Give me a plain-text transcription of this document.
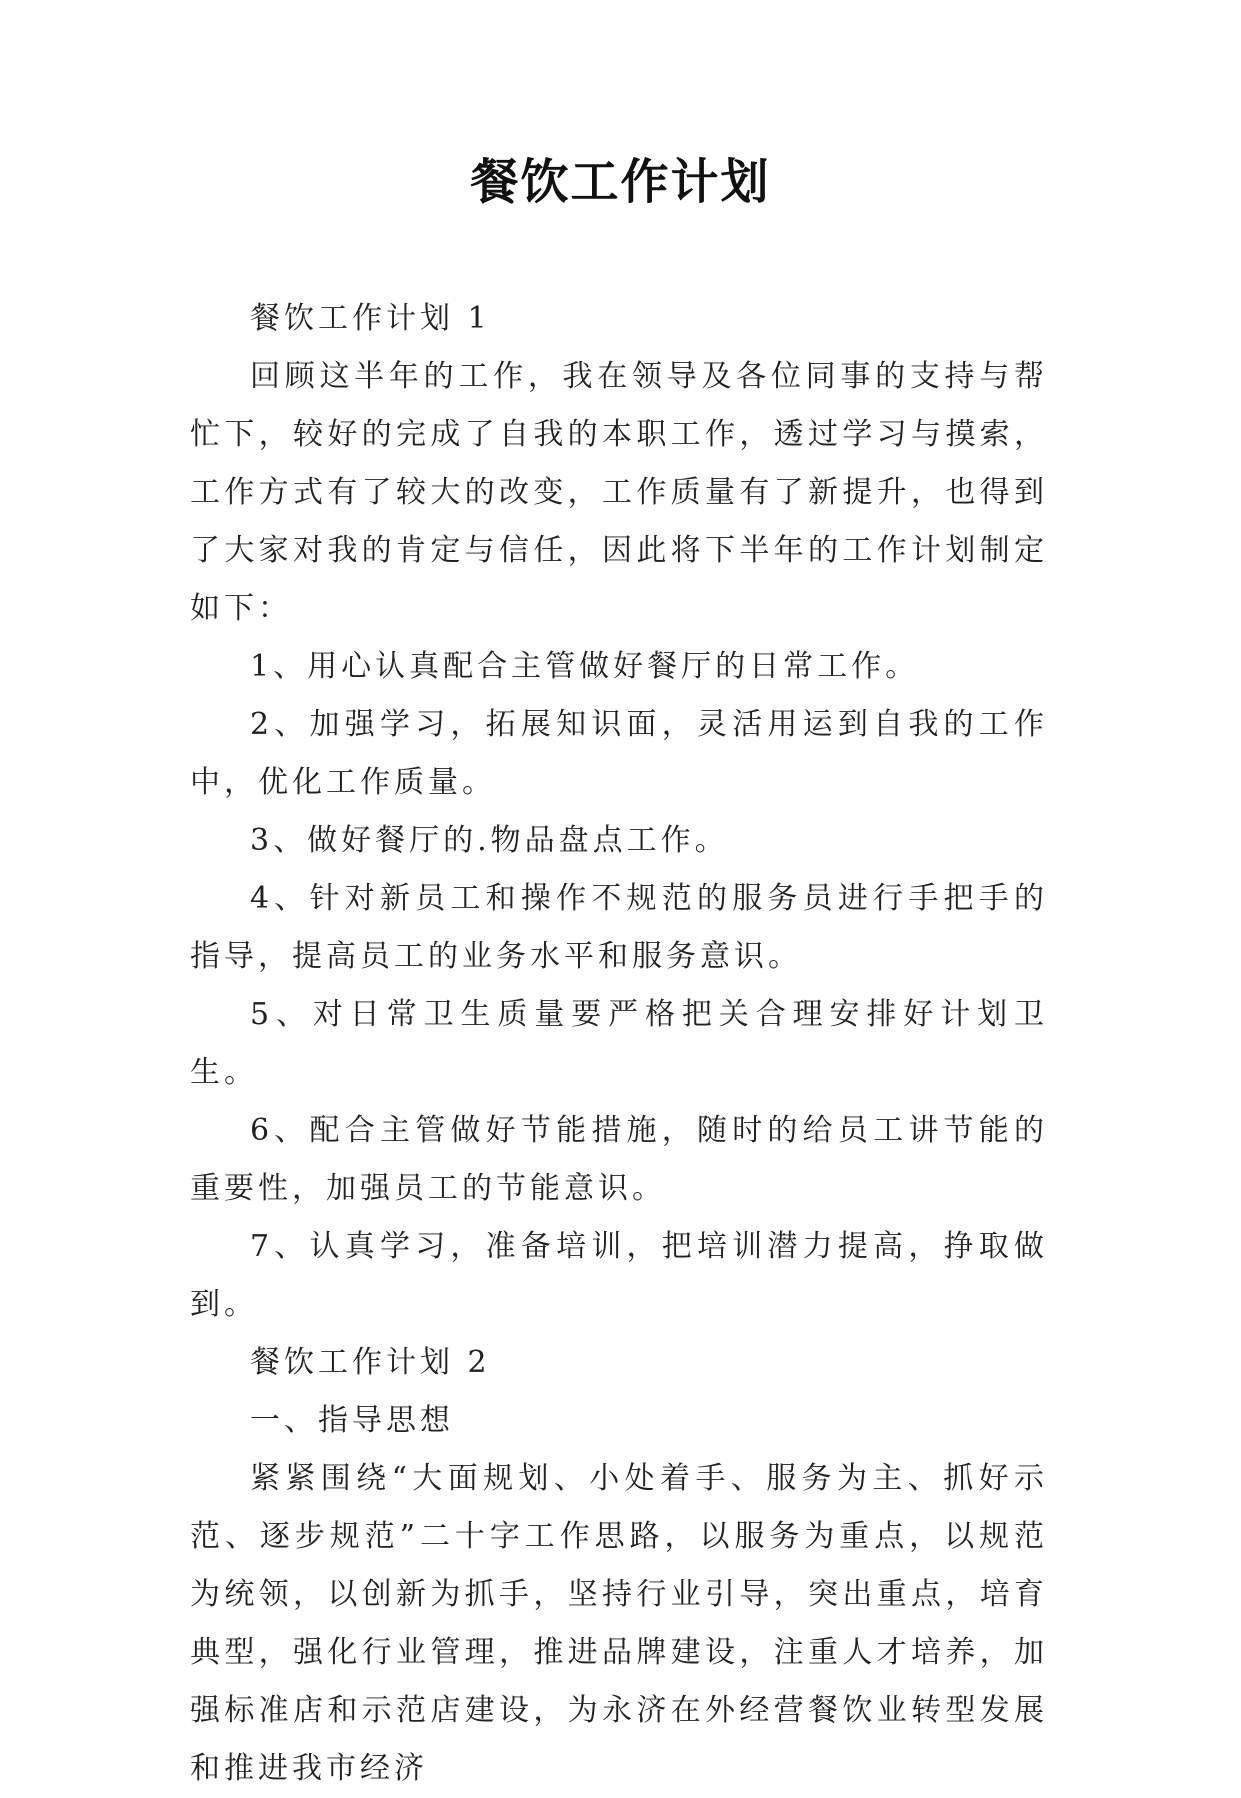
餐饮工作计划

餐饮工作计划 1

回顾这半年的工作，我在领导及各位同事的支持与帮忙下，较好的完成了自我的本职工作，透过学习与摸索，工作方式有了较大的改变，工作质量有了新提升，也得到了大家对我的肯定与信任，因此将下半年的工作计划制定如下：

1、用心认真配合主管做好餐厅的日常工作。

2、加强学习，拓展知识面，灵活用运到自我的工作中，优化工作质量。

3、做好餐厅的.物品盘点工作。

4、针对新员工和操作不规范的服务员进行手把手的指导，提高员工的业务水平和服务意识。

5、对日常卫生质量要严格把关合理安排好计划卫生。

6、配合主管做好节能措施，随时的给员工讲节能的重要性，加强员工的节能意识。

7、认真学习，准备培训，把培训潜力提高，挣取做到。

餐饮工作计划 2

一、指导思想

紧紧围绕“大面规划、小处着手、服务为主、抓好示范、逐步规范”二十字工作思路，以服务为重点，以规范为统领，以创新为抓手，坚持行业引导，突出重点，培育典型，强化行业管理，推进品牌建设，注重人才培养，加强标准店和示范店建设，为永济在外经营餐饮业转型发展和推进我市经济
